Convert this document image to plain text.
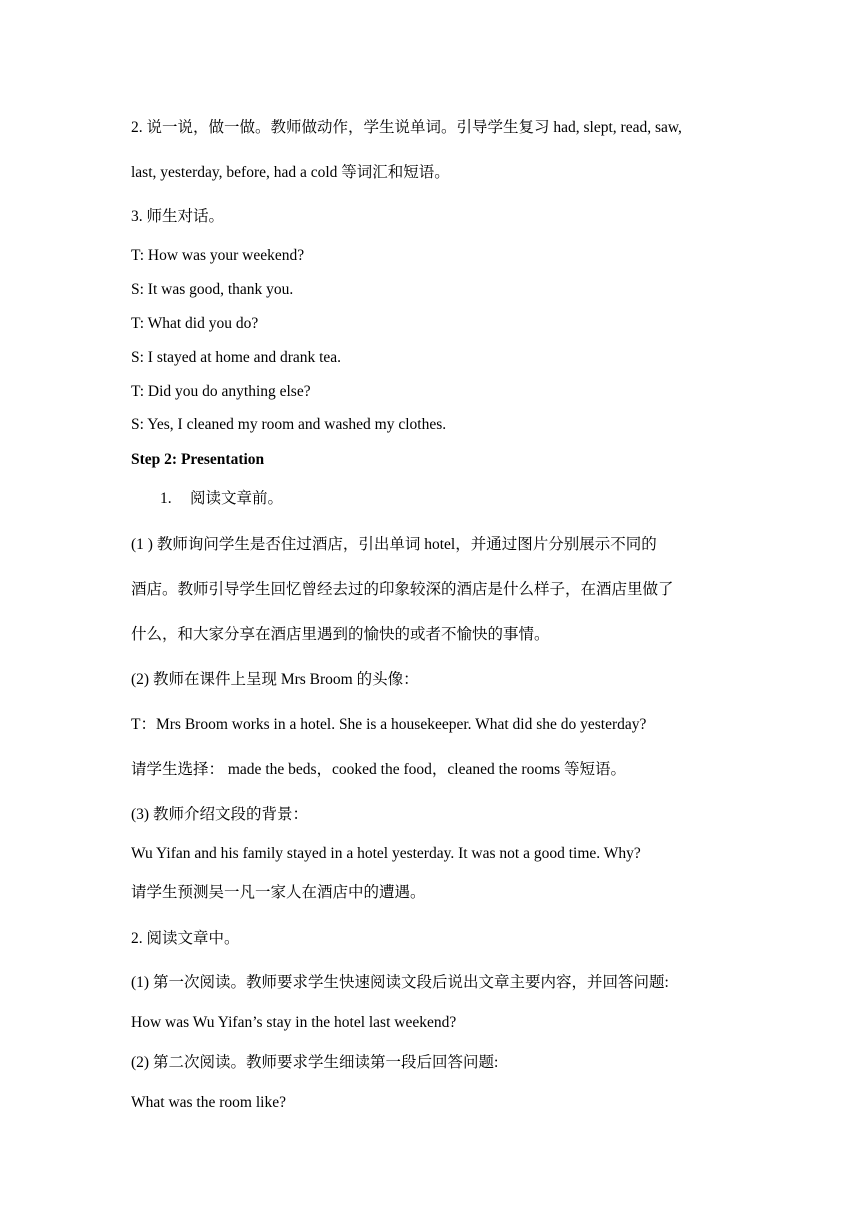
2. 说一说，做一做。教师做动作，学生说单词。引导学生复习 had, slept, read, saw,
last, yesterday, before, had a cold 等词汇和短语。
3. 师生对话。
T: How was your weekend?
S: It was good, thank you.
T: What did you do?
S: I stayed at home and drank tea.
T: Did you do anything else?
S: Yes, I cleaned my room and washed my clothes.
Step 2: Presentation
1. 阅读文章前。
(1 ) 教师询问学生是否住过酒店，引出单词 hotel，并通过图片分别展示不同的
酒店。教师引导学生回忆曾经去过的印象较深的酒店是什么样子，在酒店里做了
什么，和大家分享在酒店里遇到的愉快的或者不愉快的事情。
(2) 教师在课件上呈现 Mrs Broom 的头像：
T：Mrs Broom works in a hotel. She is a housekeeper. What did she do yesterday?
请学生选择： made the beds，cooked the food，cleaned the rooms 等短语。
(3) 教师介绍文段的背景：
Wu Yifan and his family stayed in a hotel yesterday. It was not a good time. Why?
请学生预测吴一凡一家人在酒店中的遭遇。
2. 阅读文章中。
(1) 第一次阅读。教师要求学生快速阅读文段后说出文章主要内容，并回答问题:
How was Wu Yifan’s stay in the hotel last weekend?
(2) 第二次阅读。教师要求学生细读第一段后回答问题:
What was the room like?
